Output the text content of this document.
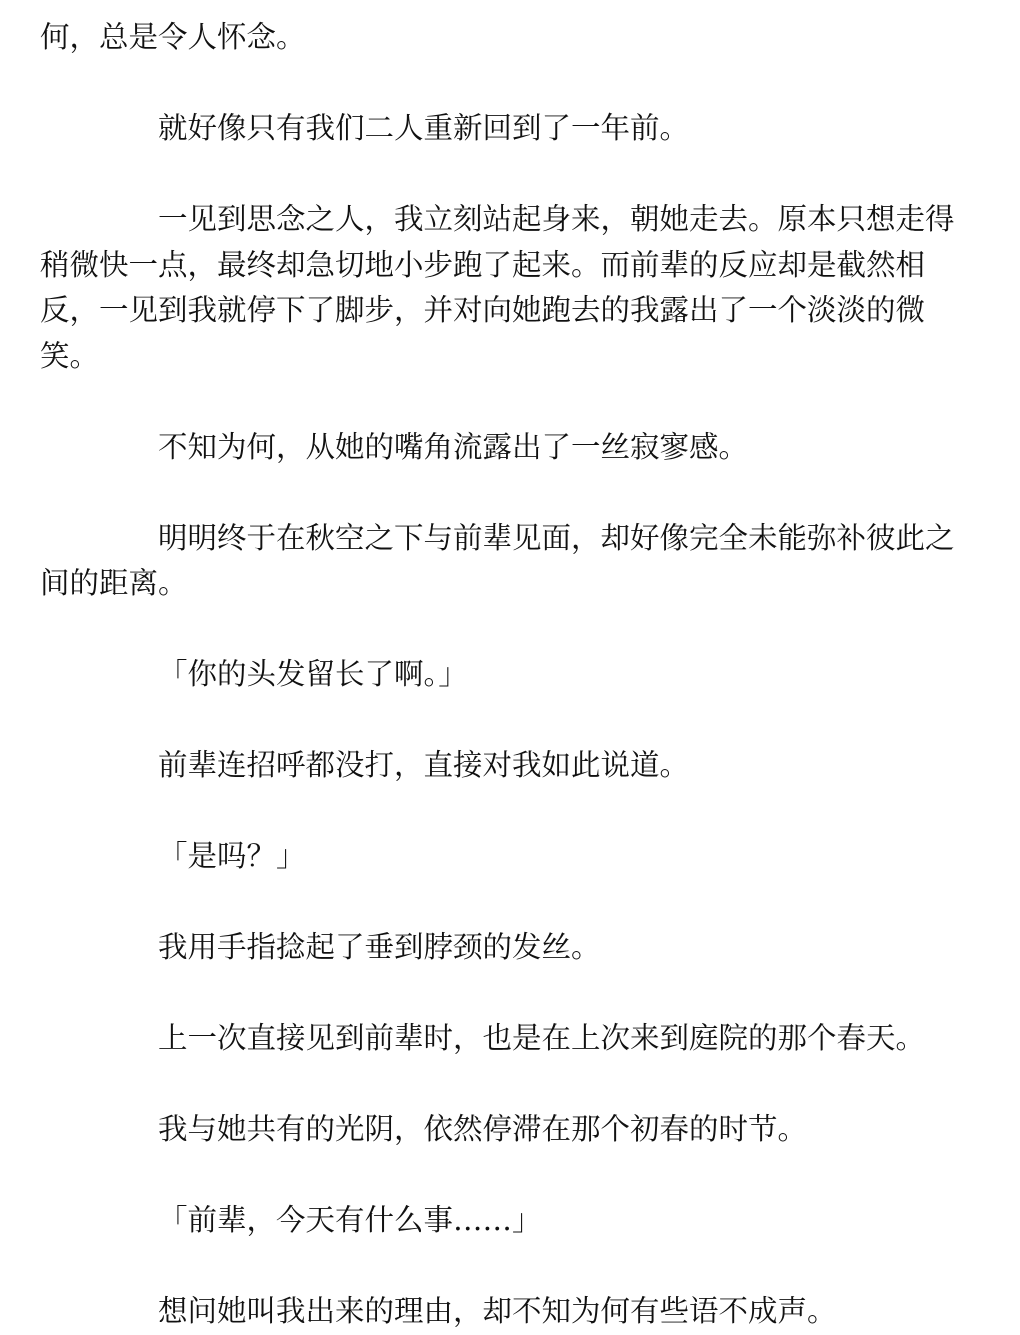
何，总是令人怀念。

就好像只有我们二人重新回到了一年前。

一见到思念之人，我立刻站起身来，朝她走去。原本只想走得稍微快一点，最终却急切地小步跑了起来。而前辈的反应却是截然相反，一见到我就停下了脚步，并对向她跑去的我露出了一个淡淡的微笑。

不知为何，从她的嘴角流露出了一丝寂寥感。

明明终于在秋空之下与前辈见面，却好像完全未能弥补彼此之间的距离。

「你的头发留长了啊。」

前辈连招呼都没打，直接对我如此说道。

「是吗？」

我用手指捻起了垂到脖颈的发丝。

上一次直接见到前辈时，也是在上次来到庭院的那个春天。

我与她共有的光阴，依然停滞在那个初春的时节。

「前辈，今天有什么事……」

想问她叫我出来的理由，却不知为何有些语不成声。
